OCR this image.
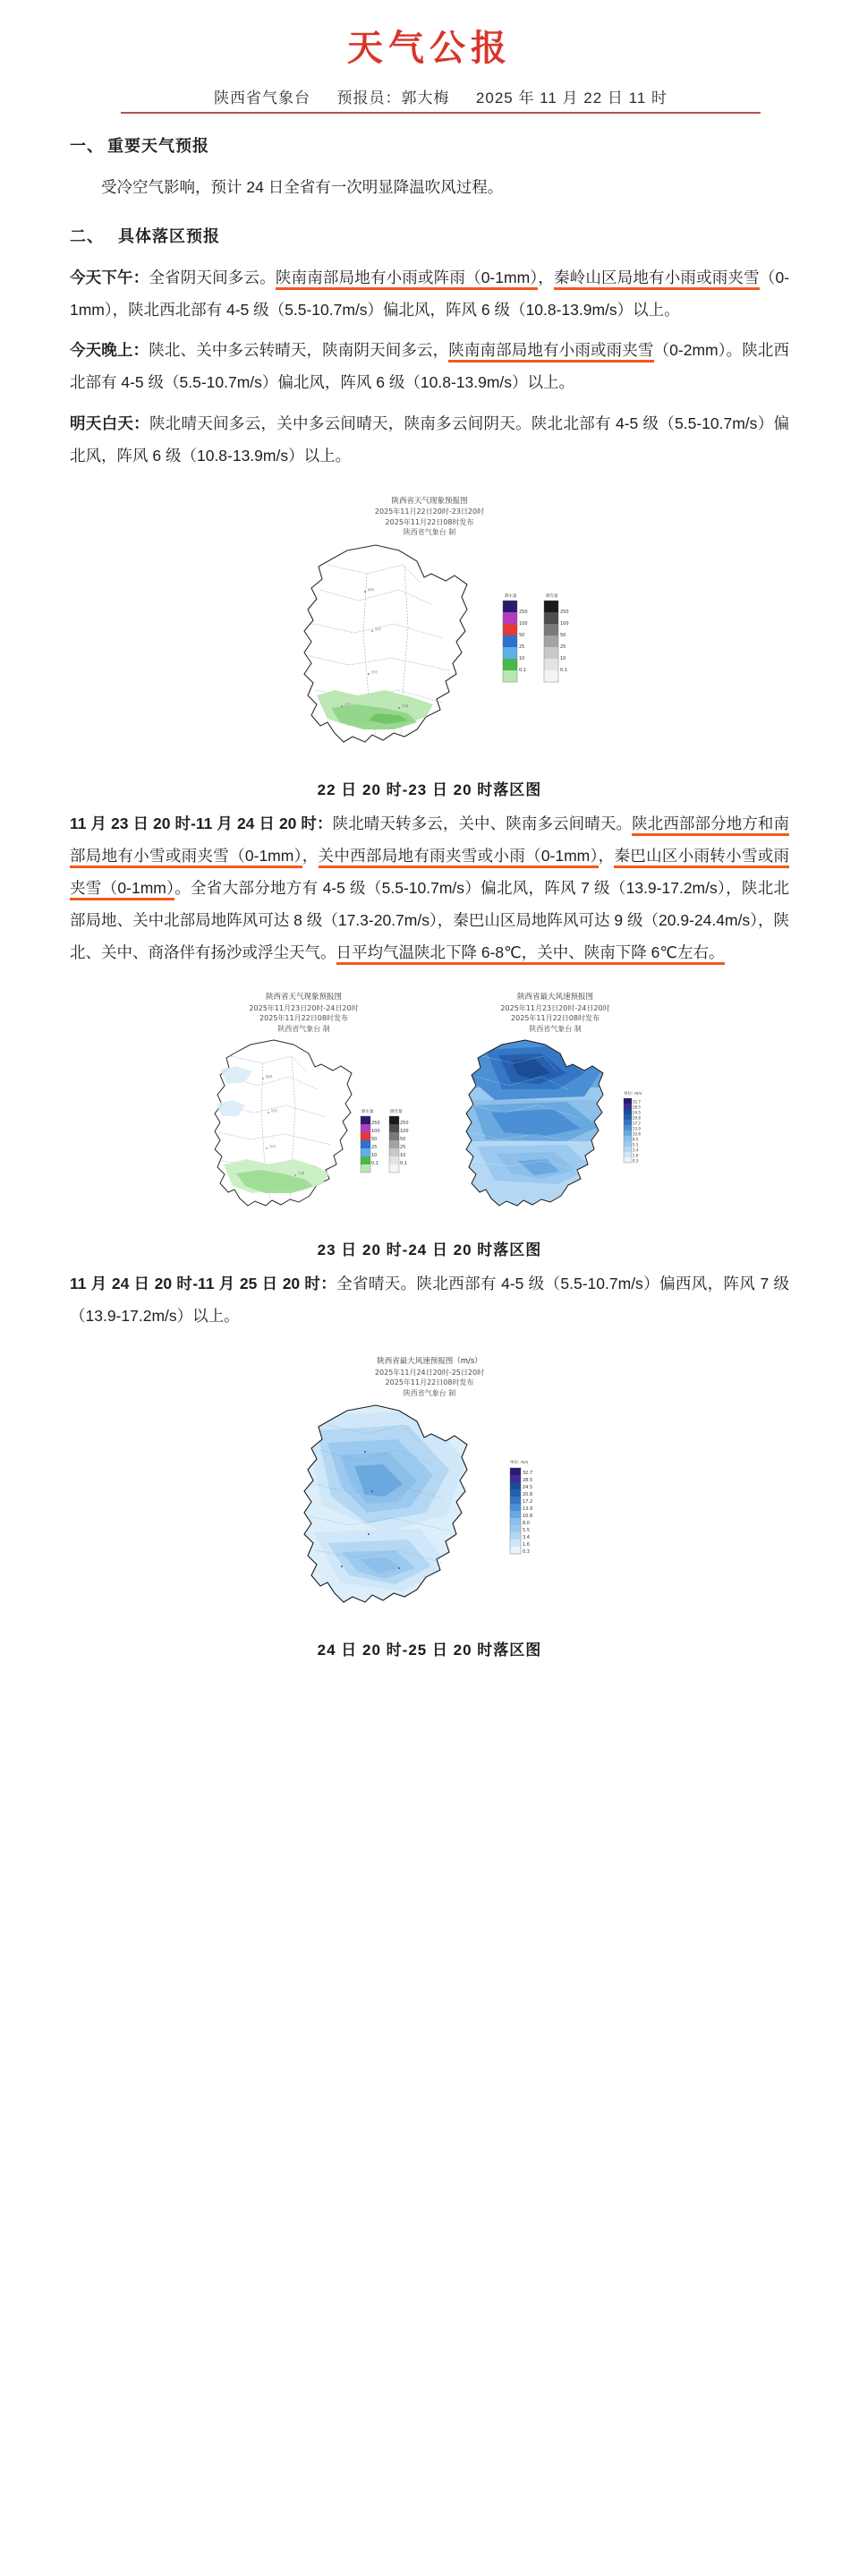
天气公报
陕西省气象台 预报员：郭大梅 2025 年 11 月 22 日 11 时
一、 重要天气预报
受冷空气影响，预计 24 日全省有一次明显降温吹风过程。
二、 具体落区预报
今天下午：全省阴天间多云。陕南南部局地有小雨或阵雨（0-1mm），秦岭山区局地有小雨或雨夹雪（0-1mm），陕北西北部有 4-5 级（5.5-10.7m/s）偏北风，阵风 6 级（10.8-13.9m/s）以上。
今天晚上：陕北、关中多云转晴天，陕南阴天间多云，陕南南部局地有小雨或雨夹雪（0-2mm）。陕北西北部有 4-5 级（5.5-10.7m/s）偏北风，阵风 6 级（10.8-13.9m/s）以上。
明天白天：陕北晴天间多云，关中多云间晴天，陕南多云间阴天。陕北北部有 4-5 级（5.5-10.7m/s）偏北风，阵风 6 级（10.8-13.9m/s）以上。
陕西省天气现象预报图
2025年11月22日20时-23日20时
2025年11月22日08时发布
陕西省气象台 制
榆林
延安
西安
安康
汉中
降水量	降雪量
250
100
50
25
10
0.1
250
100
50
25
10
0.1
22 日 20 时-23 日 20 时落区图
11 月 23 日 20 时-11 月 24 日 20 时：陕北晴天转多云，关中、陕南多云间晴天。陕北西部部分地方和南部局地有小雪或雨夹雪（0-1mm），关中西部局地有雨夹雪或小雨（0-1mm），秦巴山区小雨转小雪或雨夹雪（0-1mm）。全省大部分地方有 4-5 级（5.5-10.7m/s）偏北风，阵风 7 级（13.9-17.2m/s），陕北北部局地、关中北部局地阵风可达 8 级（17.3-20.7m/s），秦巴山区局地阵风可达 9 级（20.9-24.4m/s），陕北、关中、商洛伴有扬沙或浮尘天气。日平均气温陕北下降 6-8℃，关中、陕南下降 6℃左右。
陕西省天气现象预报图
2025年11月23日20时-24日20时
2025年11月22日08时发布
陕西省气象台 制
榆林
延安
西安
安康
降水量	降雪量
250
100
50
25
10
0.1
250
100
50
25
10
0.1
陕西省最大风速预报图
2025年11月23日20时-24日20时
2025年11月22日08时发布
陕西省气象台 制
单位: m/s
32.7
28.5
24.5
20.8
17.2
13.9
10.8
8.0
5.5
3.4
1.6
0.3
23 日 20 时-24 日 20 时落区图
11 月 24 日 20 时-11 月 25 日 20 时：全省晴天。陕北西部有 4-5 级（5.5-10.7m/s）偏西风，阵风 7 级（13.9-17.2m/s）以上。
陕西省最大风速预报图（m/s）
2025年11月24日20时-25日20时
2025年11月22日08时发布
陕西省气象台 制
单位: m/s
32.7
28.5
24.5
20.8
17.2
13.9
10.8
8.0
5.5
3.4
1.6
0.3
24 日 20 时-25 日 20 时落区图
